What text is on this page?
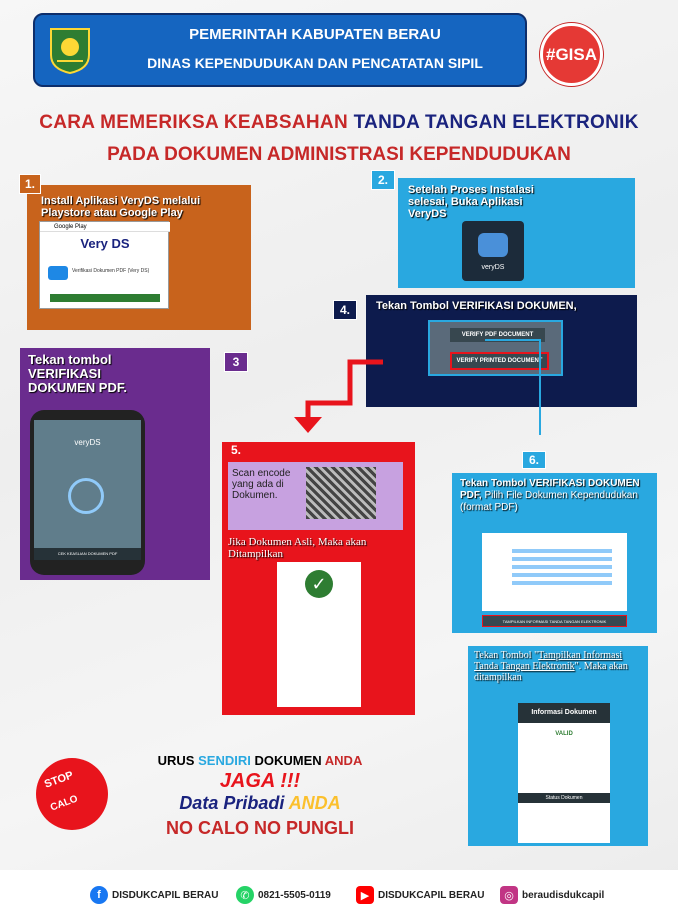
PEMERINTAH KABUPATEN BERAU
DINAS KEPENDUDUKAN DAN PENCATATAN SIPIL	#GISA
CARA MEMERIKSA KEABSAHAN TANDA TANGAN ELEKTRONIK
PADA DOKUMEN ADMINISTRASI KEPENDUDUKAN
Install Aplikasi VeryDS melalui Playstore atau Google Play
Google Play
Very DS
Verifikasi Dokumen PDF (Very DS)
1.	Setelah Proses Instalasi selesai, Buka Aplikasi VeryDS
veryDS
2.
Tekan Tombol VERIFIKASI DOKUMEN,
VERIFY PDF DOCUMENT
VERIFY PRINTED DOCUMENT
4.
Tekan tombol VERIFIKASI DOKUMEN PDF.
veryDS
CEK KEASLIAN DOKUMEN PDF
3
Scan encode yang ada di Dokumen.
Jika Dokumen Asli, Maka akan Ditampilkan
✓
5.
Tekan Tombol VERIFIKASI DOKUMEN PDF, Pilih File Dokumen Kependudukan (format PDF)
TAMPILKAN INFORMASI TANDA TANGAN ELEKTRONIK
6.
Tekan Tombol "Tampilkan Informasi Tanda Tangan Elektronik". Maka akan ditampilkan
Informasi Dokumen
VALID
Status Dokumen
STOP
CALO
URUS SENDIRI DOKUMEN ANDA
JAGA !!!
Data Pribadi ANDA
NO CALO NO PUNGLI
f	DISDUKCAPIL BERAU	✆ 0821-5505-0119	▶ DISDUKCAPIL BERAU	◎ beraudisdukcapil
